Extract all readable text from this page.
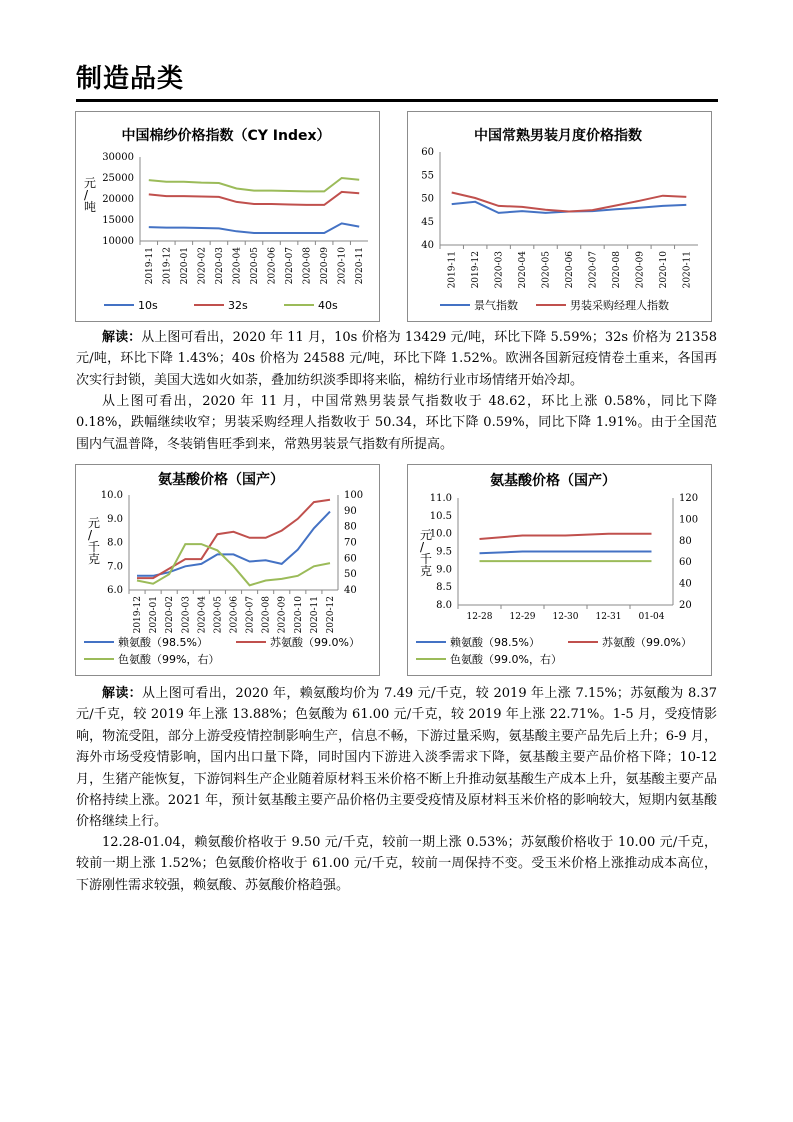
制造品类
中国棉纱价格指数（CY Index）
10000
15000
20000
25000
30000
元/吨
2019-11 2019-12 2020-01 2020-02 2020-03 2020-04 2020-05 2020-06 2020-07 2020-08 2020-09 2020-10 2020-11
10s	32s	40s
中国常熟男装月度价格指数
40
45
50
55
60
2019-11 2019-12 2020-03 2020-04 2020-05 2020-06 2020-07 2020-08 2020-09 2020-10 2020-11
景气指数	男装采购经理人指数

解读：从上图可看出，2020 年 11 月，10s 价格为 13429 元/吨，环比下降 5.59%；32s 价格为 21358 元/吨，环比下降 1.43%；40s 价格为 24588 元/吨，环比下降 1.52%。欧洲各国新冠疫情卷土重来，各国再次实行封锁，美国大选如火如荼，叠加纺织淡季即将来临，棉纺行业市场情绪开始冷却。

从上图可看出，2020 年 11 月，中国常熟男装景气指数收于 48.62，环比上涨 0.58%，同比下降 0.18%，跌幅继续收窄；男装采购经理人指数收于 50.34，环比下降 0.59%，同比下降 1.91%。由于全国范围内气温普降，冬装销售旺季到来，常熟男装景气指数有所提高。

氨基酸价格（国产）
6.0
7.0
8.0
9.0
10.0
40
50
60
70
80
90
100
元/千克
2019-12 2020-01 2020-02 2020-03 2020-04 2020-05 2020-06 2020-07 2020-08 2020-09 2020-10 2020-11 2020-12
赖氨酸（98.5%）	苏氨酸（99.0%）
色氨酸（99%，右）
氨基酸价格（国产）
8.0
8.5
9.0
9.5
10.0
10.5
11.0
20
40
60
80
100
120
元/千克
12-28 12-29 12-30 12-31 01-04
赖氨酸（98.5%）	苏氨酸（99.0%）
色氨酸（99.0%，右）

解读：从上图可看出，2020 年，赖氨酸均价为 7.49 元/千克，较 2019 年上涨 7.15%；苏氨酸为 8.37 元/千克，较 2019 年上涨 13.88%；色氨酸为 61.00 元/千克，较 2019 年上涨 22.71%。1-5 月，受疫情影响，物流受阻，部分上游受疫情控制影响生产，信息不畅，下游过量采购，氨基酸主要产品先后上升；6-9 月，海外市场受疫情影响，国内出口量下降，同时国内下游进入淡季需求下降，氨基酸主要产品价格下降；10-12 月，生猪产能恢复，下游饲料生产企业随着原材料玉米价格不断上升推动氨基酸生产成本上升，氨基酸主要产品价格持续上涨。2021 年，预计氨基酸主要产品价格仍主要受疫情及原材料玉米价格的影响较大，短期内氨基酸价格继续上行。

12.28-01.04，赖氨酸价格收于 9.50 元/千克，较前一期上涨 0.53%；苏氨酸价格收于 10.00 元/千克，较前一期上涨 1.52%；色氨酸价格收于 61.00 元/千克，较前一周保持不变。受玉米价格上涨推动成本高位，下游刚性需求较强，赖氨酸、苏氨酸价格趋强。
